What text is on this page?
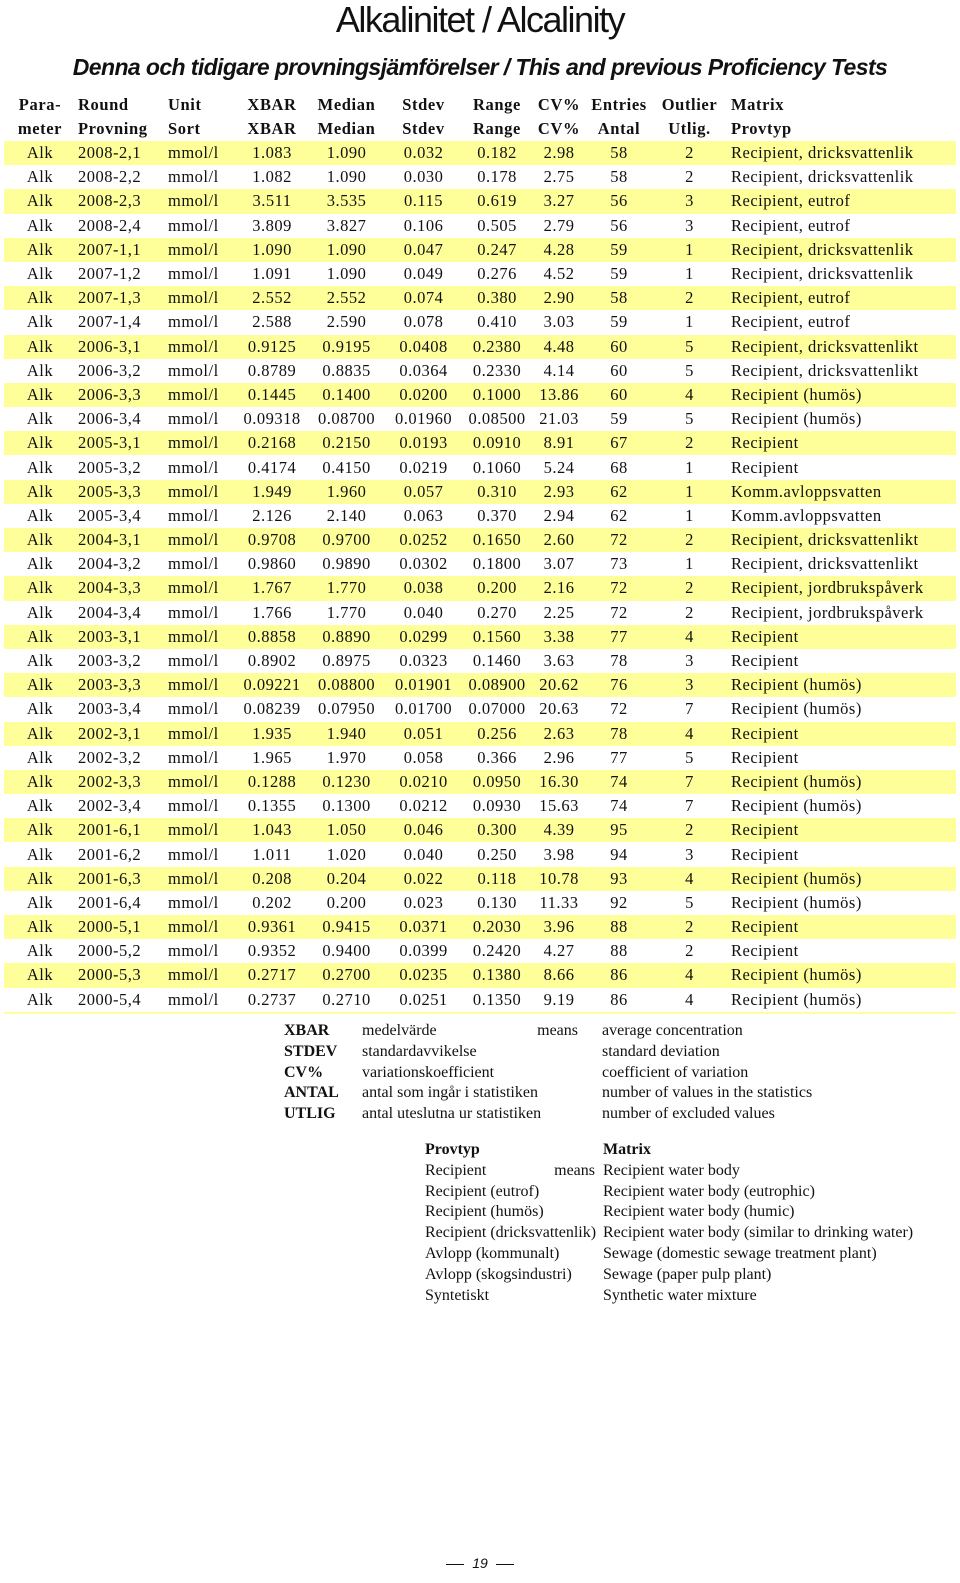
Alkalinitet / Alcalinity
Denna och tidigare provningsjämförelser / This and previous Proficiency Tests
Para-	Round	Unit	XBAR	Median	Stdev	Range	CV%	Entries	Outlier	Matrix
meter	Provning	Sort	XBAR	Median	Stdev	Range	CV%	Antal	Utlig.	Provtyp
Alk	2008-2,1	mmol/l	1.083	1.090	0.032	0.182	2.98	58	2	Recipient, dricksvattenlik
Alk	2008-2,2	mmol/l	1.082	1.090	0.030	0.178	2.75	58	2	Recipient, dricksvattenlik
Alk	2008-2,3	mmol/l	3.511	3.535	0.115	0.619	3.27	56	3	Recipient, eutrof
Alk	2008-2,4	mmol/l	3.809	3.827	0.106	0.505	2.79	56	3	Recipient, eutrof
Alk	2007-1,1	mmol/l	1.090	1.090	0.047	0.247	4.28	59	1	Recipient, dricksvattenlik
Alk	2007-1,2	mmol/l	1.091	1.090	0.049	0.276	4.52	59	1	Recipient, dricksvattenlik
Alk	2007-1,3	mmol/l	2.552	2.552	0.074	0.380	2.90	58	2	Recipient, eutrof
Alk	2007-1,4	mmol/l	2.588	2.590	0.078	0.410	3.03	59	1	Recipient, eutrof
Alk	2006-3,1	mmol/l	0.9125	0.9195	0.0408	0.2380	4.48	60	5	Recipient, dricksvattenlikt
Alk	2006-3,2	mmol/l	0.8789	0.8835	0.0364	0.2330	4.14	60	5	Recipient, dricksvattenlikt
Alk	2006-3,3	mmol/l	0.1445	0.1400	0.0200	0.1000	13.86	60	4	Recipient (humös)
Alk	2006-3,4	mmol/l	0.09318	0.08700	0.01960	0.08500	21.03	59	5	Recipient (humös)
Alk	2005-3,1	mmol/l	0.2168	0.2150	0.0193	0.0910	8.91	67	2	Recipient
Alk	2005-3,2	mmol/l	0.4174	0.4150	0.0219	0.1060	5.24	68	1	Recipient
Alk	2005-3,3	mmol/l	1.949	1.960	0.057	0.310	2.93	62	1	Komm.avloppsvatten
Alk	2005-3,4	mmol/l	2.126	2.140	0.063	0.370	2.94	62	1	Komm.avloppsvatten
Alk	2004-3,1	mmol/l	0.9708	0.9700	0.0252	0.1650	2.60	72	2	Recipient, dricksvattenlikt
Alk	2004-3,2	mmol/l	0.9860	0.9890	0.0302	0.1800	3.07	73	1	Recipient, dricksvattenlikt
Alk	2004-3,3	mmol/l	1.767	1.770	0.038	0.200	2.16	72	2	Recipient, jordbrukspåverk
Alk	2004-3,4	mmol/l	1.766	1.770	0.040	0.270	2.25	72	2	Recipient, jordbrukspåverk
Alk	2003-3,1	mmol/l	0.8858	0.8890	0.0299	0.1560	3.38	77	4	Recipient
Alk	2003-3,2	mmol/l	0.8902	0.8975	0.0323	0.1460	3.63	78	3	Recipient
Alk	2003-3,3	mmol/l	0.09221	0.08800	0.01901	0.08900	20.62	76	3	Recipient (humös)
Alk	2003-3,4	mmol/l	0.08239	0.07950	0.01700	0.07000	20.63	72	7	Recipient (humös)
Alk	2002-3,1	mmol/l	1.935	1.940	0.051	0.256	2.63	78	4	Recipient
Alk	2002-3,2	mmol/l	1.965	1.970	0.058	0.366	2.96	77	5	Recipient
Alk	2002-3,3	mmol/l	0.1288	0.1230	0.0210	0.0950	16.30	74	7	Recipient (humös)
Alk	2002-3,4	mmol/l	0.1355	0.1300	0.0212	0.0930	15.63	74	7	Recipient (humös)
Alk	2001-6,1	mmol/l	1.043	1.050	0.046	0.300	4.39	95	2	Recipient
Alk	2001-6,2	mmol/l	1.011	1.020	0.040	0.250	3.98	94	3	Recipient
Alk	2001-6,3	mmol/l	0.208	0.204	0.022	0.118	10.78	93	4	Recipient (humös)
Alk	2001-6,4	mmol/l	0.202	0.200	0.023	0.130	11.33	92	5	Recipient (humös)
Alk	2000-5,1	mmol/l	0.9361	0.9415	0.0371	0.2030	3.96	88	2	Recipient
Alk	2000-5,2	mmol/l	0.9352	0.9400	0.0399	0.2420	4.27	88	2	Recipient
Alk	2000-5,3	mmol/l	0.2717	0.2700	0.0235	0.1380	8.66	86	4	Recipient (humös)
Alk	2000-5,4	mmol/l	0.2737	0.2710	0.0251	0.1350	9.19	86	4	Recipient (humös)
XBAR	medelvärde	means average concentration
STDEV	standardavvikelse	standard deviation
CV%	variationskoefficient	coefficient of variation
ANTAL	antal som ingår i statistiken	number of values in the statistics
UTLIG	antal uteslutna ur statistiken	number of excluded values
Provtyp	Matrix
Recipient	means Recipient water body
Recipient (eutrof)	Recipient water body (eutrophic)
Recipient (humös)	Recipient water body (humic)
Recipient (dricksvattenlik) Recipient water body (similar to drinking water)
Avlopp (kommunalt)	Sewage (domestic sewage treatment plant)
Avlopp (skogsindustri)	Sewage (paper pulp plant)
Syntetiskt	Synthetic water mixture
19
